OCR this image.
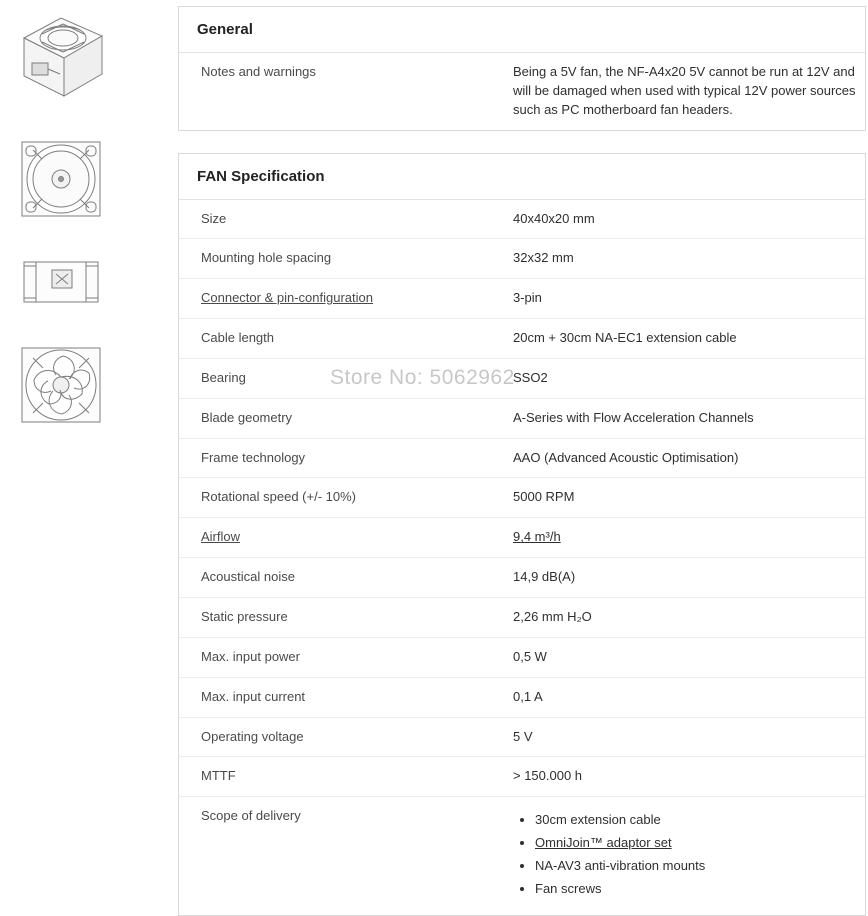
General
Notes and warnings	Being a 5V fan, the NF-A4x20 5V cannot be run at 12V and will be damaged when used with typical 12V power sources such as PC motherboard fan headers.
FAN Specification
Size	40x40x20 mm
Mounting hole spacing	32x32 mm
Connector & pin-configuration	3-pin
Cable length	20cm + 30cm NA-EC1 extension cable
Bearing	SSO2
Blade geometry	A-Series with Flow Acceleration Channels
Frame technology	AAO (Advanced Acoustic Optimisation)
Rotational speed (+/- 10%)	5000 RPM
Airflow	9,4 m³/h
Acoustical noise	14,9 dB(A)
Static pressure	2,26 mm H₂O
Max. input power	0,5 W
Max. input current	0,1 A
Operating voltage	5 V
MTTF	> 150.000 h
Scope of delivery	
•30cm extension cable
• OmniJoin™ adaptor set
• NA-AV3 anti-vibration mounts
• Fan screws
Store No: 5062962
